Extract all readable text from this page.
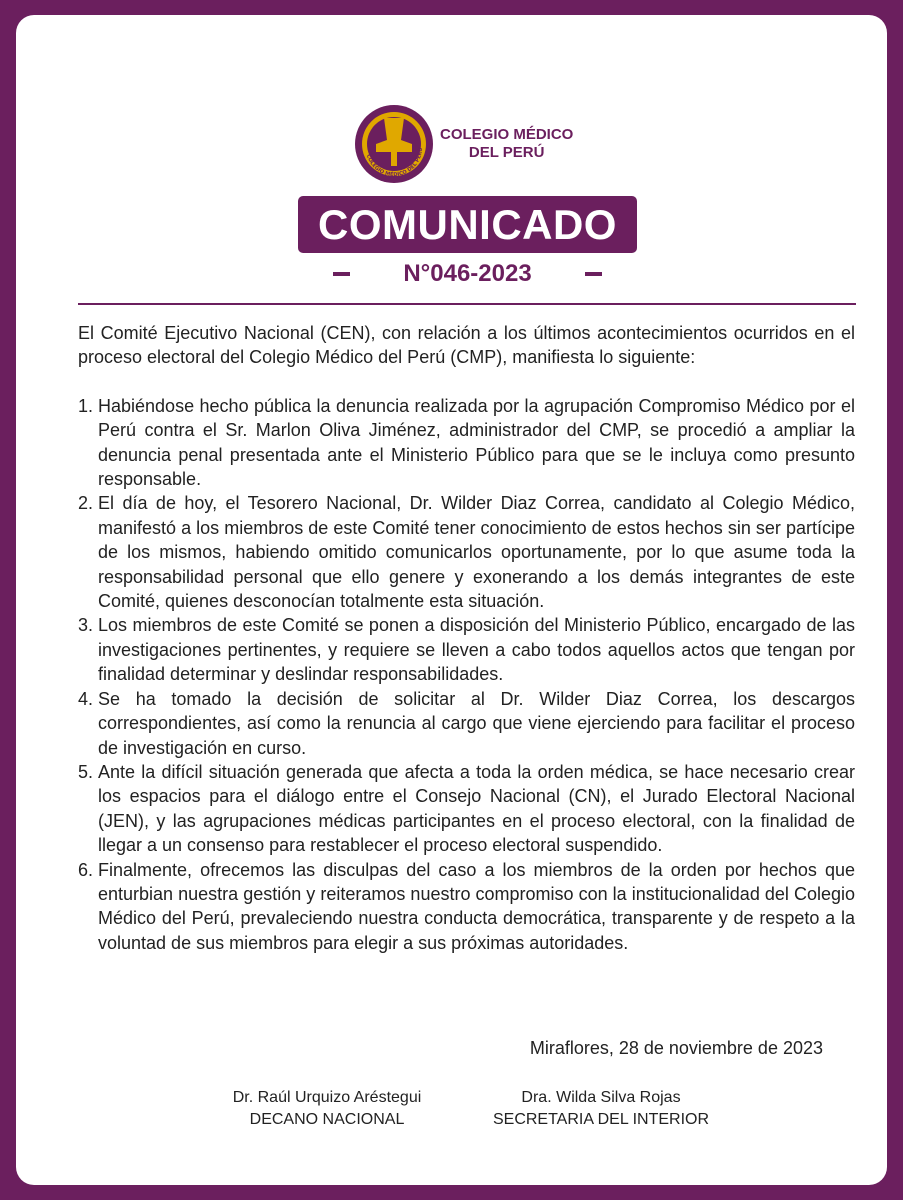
COLEGIO MÉDICO DEL PERÚ
COLEGIO MÉDICO
DEL PERÚ
COMUNICADO
N°046-2023

El Comité Ejecutivo Nacional (CEN), con relación a los últimos acontecimientos ocurridos en el proceso electoral del Colegio Médico del Perú (CMP), manifiesta lo siguiente:

1. Habiéndose hecho pública la denuncia realizada por la agrupación Compromiso Médico por el Perú contra el Sr. Marlon Oliva Jiménez, administrador del CMP, se procedió a ampliar la denuncia penal presentada ante el Ministerio Público para que se le incluya como presunto responsable.
2. El día de hoy, el Tesorero Nacional, Dr. Wilder Diaz Correa, candidato al Colegio Médico, manifestó a los miembros de este Comité tener conocimiento de estos hechos sin ser partícipe de los mismos, habiendo omitido comunicarlos oportunamente, por lo que asume toda la responsabilidad personal que ello genere y exonerando a los demás integrantes de este Comité, quienes desconocían totalmente esta situación.
3. Los miembros de este Comité se ponen a disposición del Ministerio Público, encargado de las investigaciones pertinentes, y requiere se lleven a cabo todos aquellos actos que tengan por finalidad determinar y deslindar responsabilidades.
4. Se ha tomado la decisión de solicitar al Dr. Wilder Diaz Correa, los descargos correspondientes, así como la renuncia al cargo que viene ejerciendo para facilitar el proceso de investigación en curso.
5. Ante la difícil situación generada que afecta a toda la orden médica, se hace necesario crear los espacios para el diálogo entre el Consejo Nacional (CN), el Jurado Electoral Nacional (JEN), y las agrupaciones médicas participantes en el proceso electoral, con la finalidad de llegar a un consenso para restablecer el proceso electoral suspendido.
6. Finalmente, ofrecemos las disculpas del caso a los miembros de la orden por hechos que enturbian nuestra gestión y reiteramos nuestro compromiso con la institucionalidad del Colegio Médico del Perú, prevaleciendo nuestra conducta democrática, transparente y de respeto a la voluntad de sus miembros para elegir a sus próximas autoridades.
Miraflores, 28 de noviembre de 2023
Dr. Raúl Urquizo Aréstegui
DECANO NACIONAL
Dra. Wilda Silva Rojas
SECRETARIA DEL INTERIOR
